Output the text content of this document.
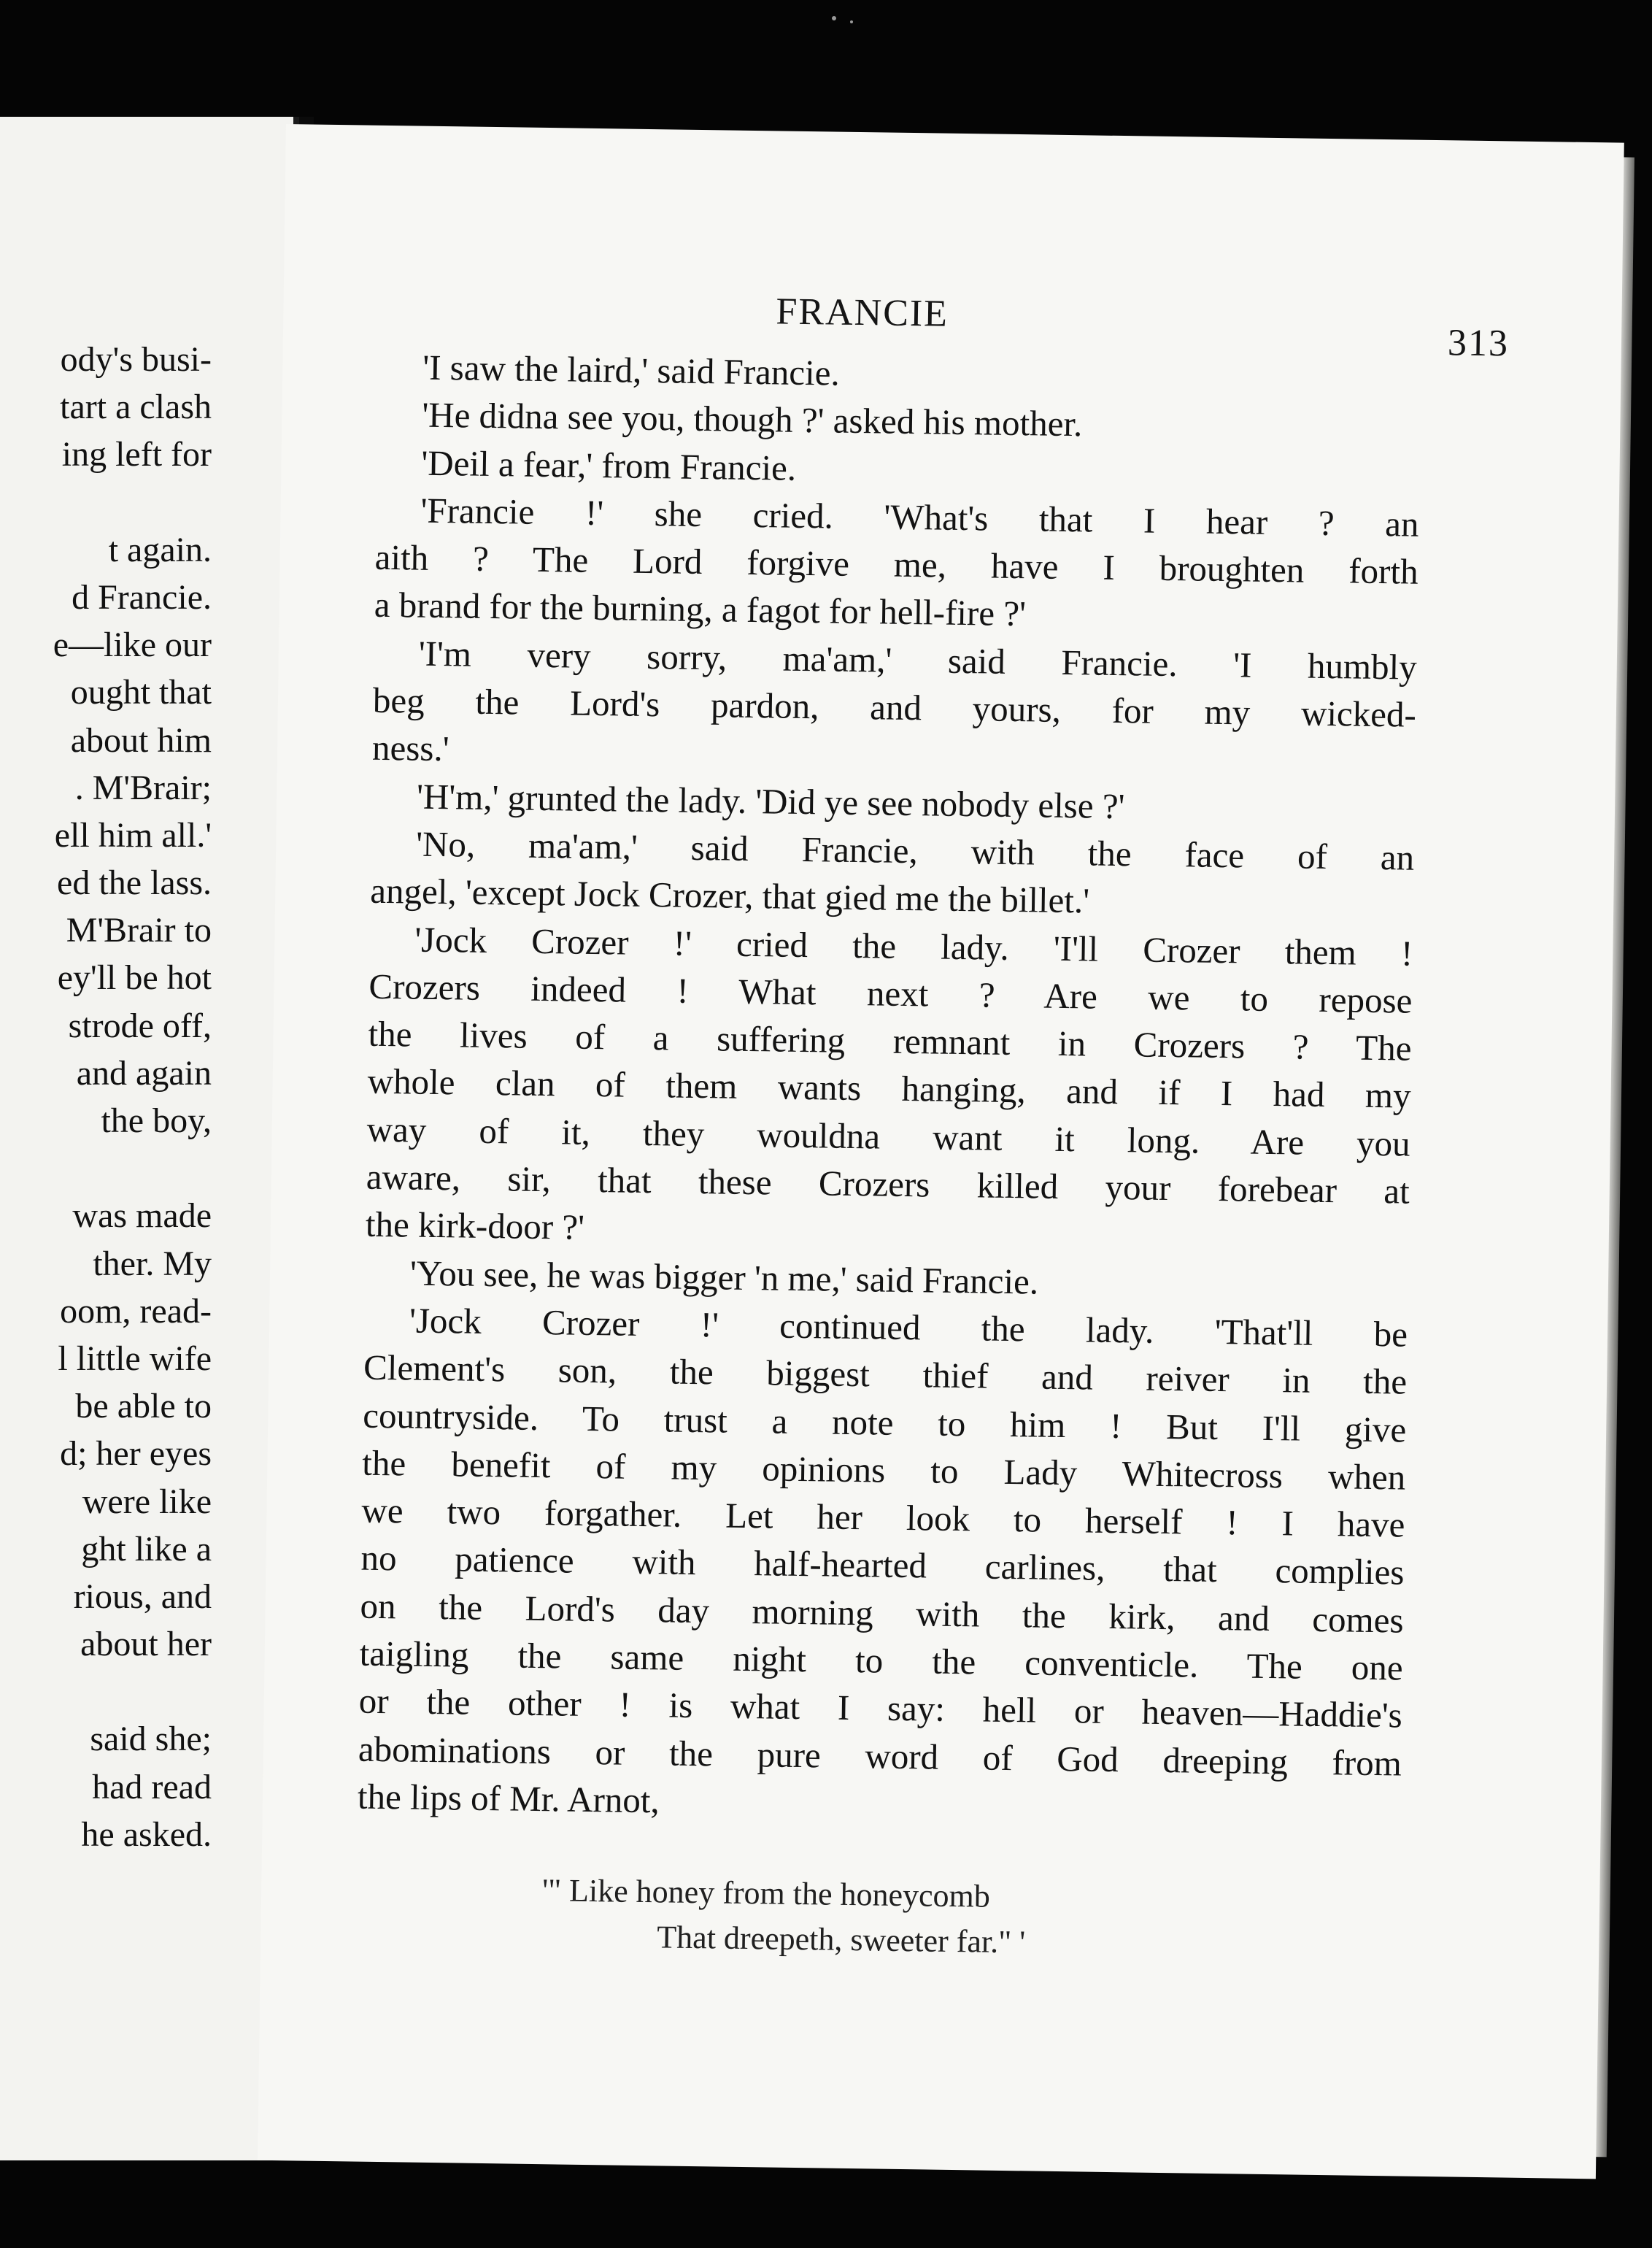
ody's busi-
tart a clash
ing left for
t again.
d Francie.
e—like our
ought that
about him
. M'Brair;
ell him all.'
ed the lass.
M'Brair to
ey'll be hot
strode off,
and again
the boy,
was made
ther. My
oom, read-
l little wife
be able to
d; her eyes
were like
ght like a
rious, and
about her
said she;
had read
he asked.
FRANCIE
313
'I saw the laird,' said Francie.
'He didna see you, though ?' asked his mother.
'Deil a fear,' from Francie.
'Francie !' she cried. 'What's that I hear ? an
aith ? The Lord forgive me, have I broughten forth
a brand for the burning, a fagot for hell-fire ?'
'I'm very sorry, ma'am,' said Francie. 'I humbly
beg the Lord's pardon, and yours, for my wicked-
ness.'
'H'm,' grunted the lady. 'Did ye see nobody else ?'
'No, ma'am,' said Francie, with the face of an
angel, 'except Jock Crozer, that gied me the billet.'
'Jock Crozer !' cried the lady. 'I'll Crozer them !
Crozers indeed ! What next ? Are we to repose
the lives of a suffering remnant in Crozers ? The
whole clan of them wants hanging, and if I had my
way of it, they wouldna want it long. Are you
aware, sir, that these Crozers killed your forebear at
the kirk-door ?'
'You see, he was bigger 'n me,' said Francie.
'Jock Crozer !' continued the lady. 'That'll be
Clement's son, the biggest thief and reiver in the
countryside. To trust a note to him ! But I'll give
the benefit of my opinions to Lady Whitecross when
we two forgather. Let her look to herself ! I have
no patience with half-hearted carlines, that complies
on the Lord's day morning with the kirk, and comes
taigling the same night to the conventicle. The one
or the other ! is what I say: hell or heaven—Haddie's
abominations or the pure word of God dreeping from
the lips of Mr. Arnot,
'" Like honey from the honeycomb
That dreepeth, sweeter far." '
